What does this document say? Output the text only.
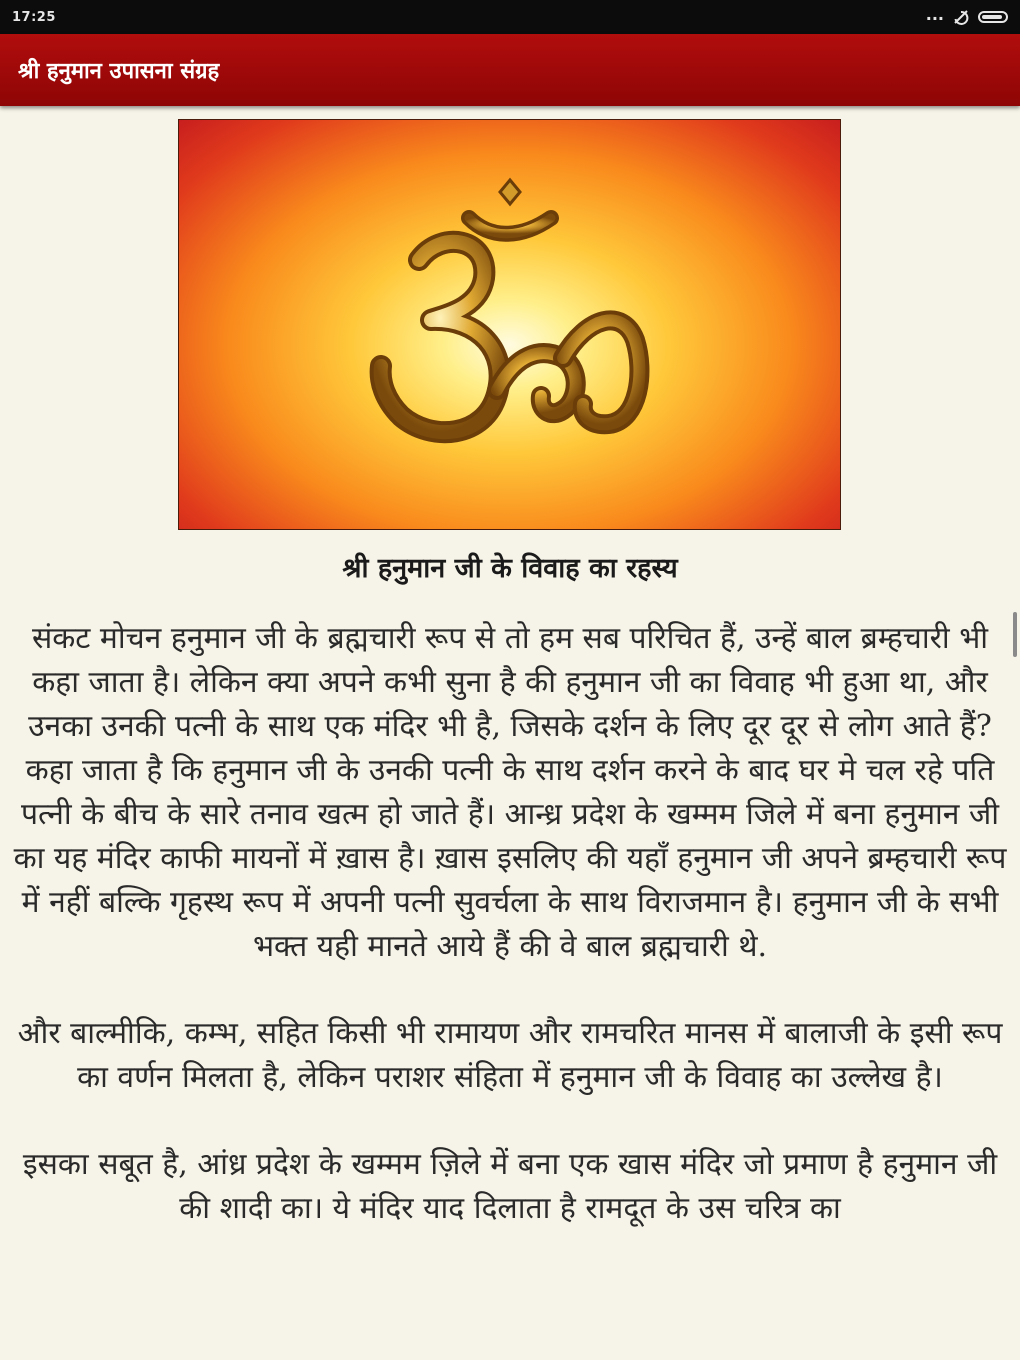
17:25	...
श्री हनुमान उपासना संग्रह
श्री हनुमान जी के विवाह का रहस्य

संकट मोचन हनुमान जी के ब्रह्मचारी रूप से तो हम सब परिचित हैं, उन्हें बाल ब्रम्हचारी भी कहा जाता है। लेकिन क्या अपने कभी सुना है की हनुमान जी का विवाह भी हुआ था, और उनका उनकी पत्नी के साथ एक मंदिर भी है, जिसके दर्शन के लिए दूर दूर से लोग आते हैं? कहा जाता है कि हनुमान जी के उनकी पत्नी के साथ दर्शन करने के बाद घर मे चल रहे पति पत्नी के बीच के सारे तनाव खत्म हो जाते हैं। आन्ध्र प्रदेश के खम्मम जिले में बना हनुमान जी का यह मंदिर काफी मायनों में ख़ास है। ख़ास इसलिए की यहाँ हनुमान जी अपने ब्रम्हचारी रूप में नहीं बल्कि गृहस्थ रूप में अपनी पत्नी सुवर्चला के साथ विराजमान है। हनुमान जी के सभी भक्त यही मानते आये हैं की वे बाल ब्रह्मचारी थे.

और बाल्मीकि, कम्भ, सहित किसी भी रामायण और रामचरित मानस में बालाजी के इसी रूप का वर्णन मिलता है, लेकिन पराशर संहिता में हनुमान जी के विवाह का उल्लेख है।

इसका सबूत है, आंध्र प्रदेश के खम्मम ज़िले में बना एक खास मंदिर जो प्रमाण है हनुमान जी की शादी का। ये मंदिर याद दिलाता है रामदूत के उस चरित्र का
